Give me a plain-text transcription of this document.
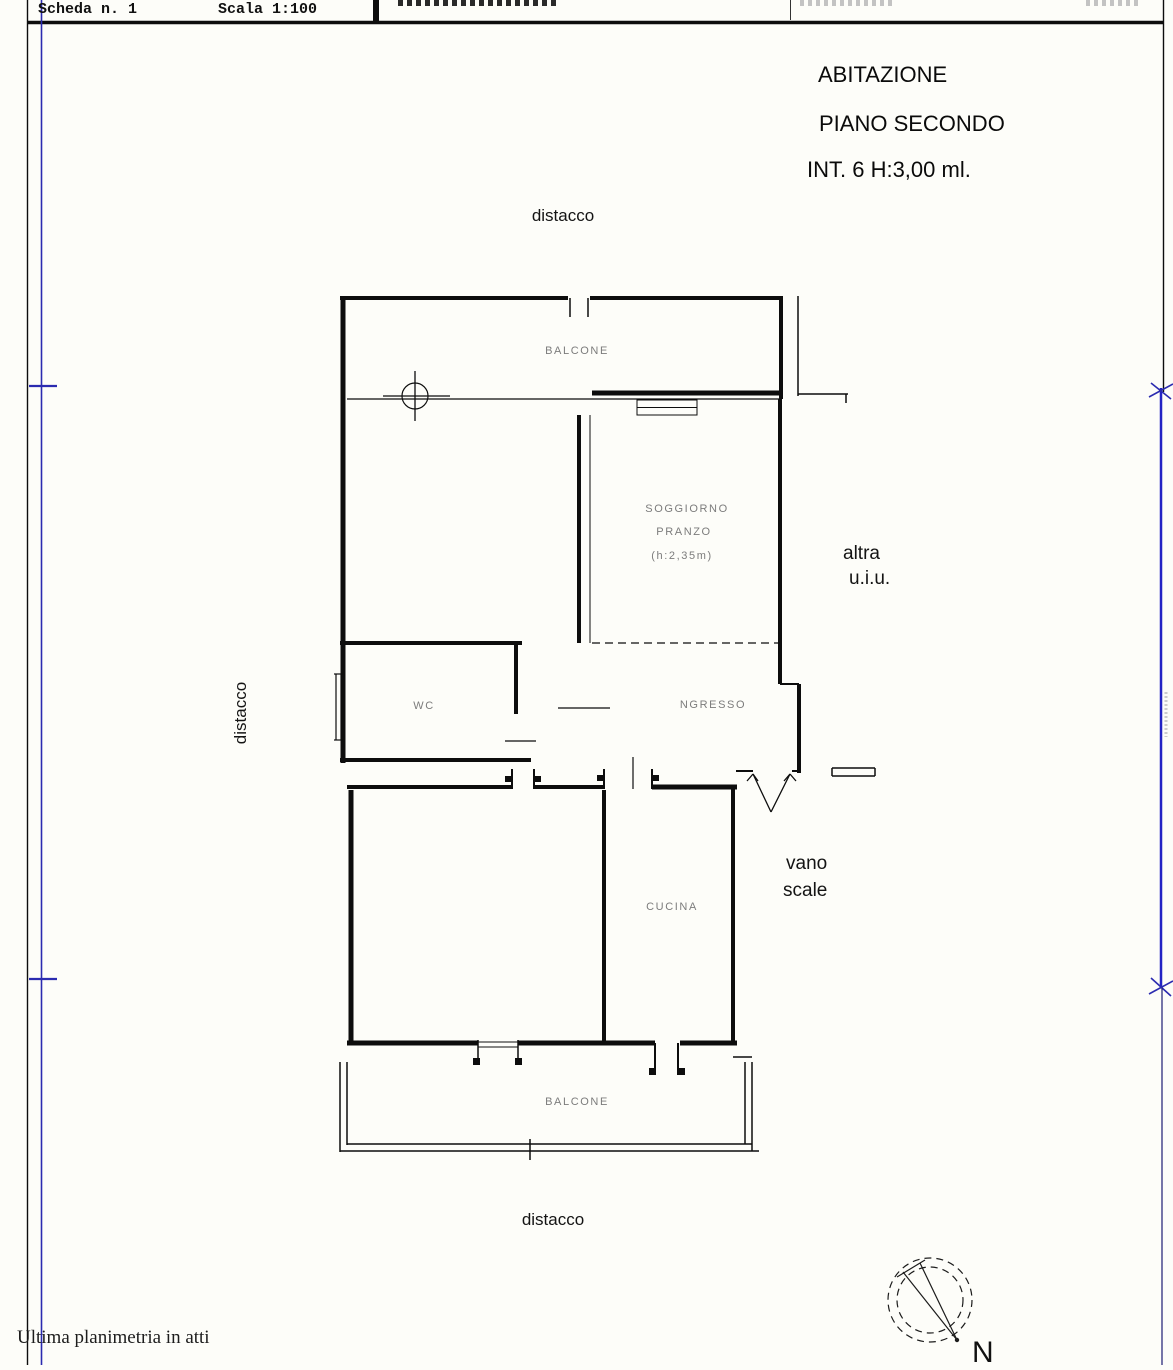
Scheda n. 1	Scala 1:100
ABITAZIONE
PIANO SECONDO
INT. 6 H:3,00 ml.
BALCONE
SOGGIORNO
PRANZO
(h:2,35m)
WC	NGRESSO
CUCINA
BALCONE
distacco
distacco
distacco
altra
u.i.u.
vano
scale
Ultima planimetria in atti	N
